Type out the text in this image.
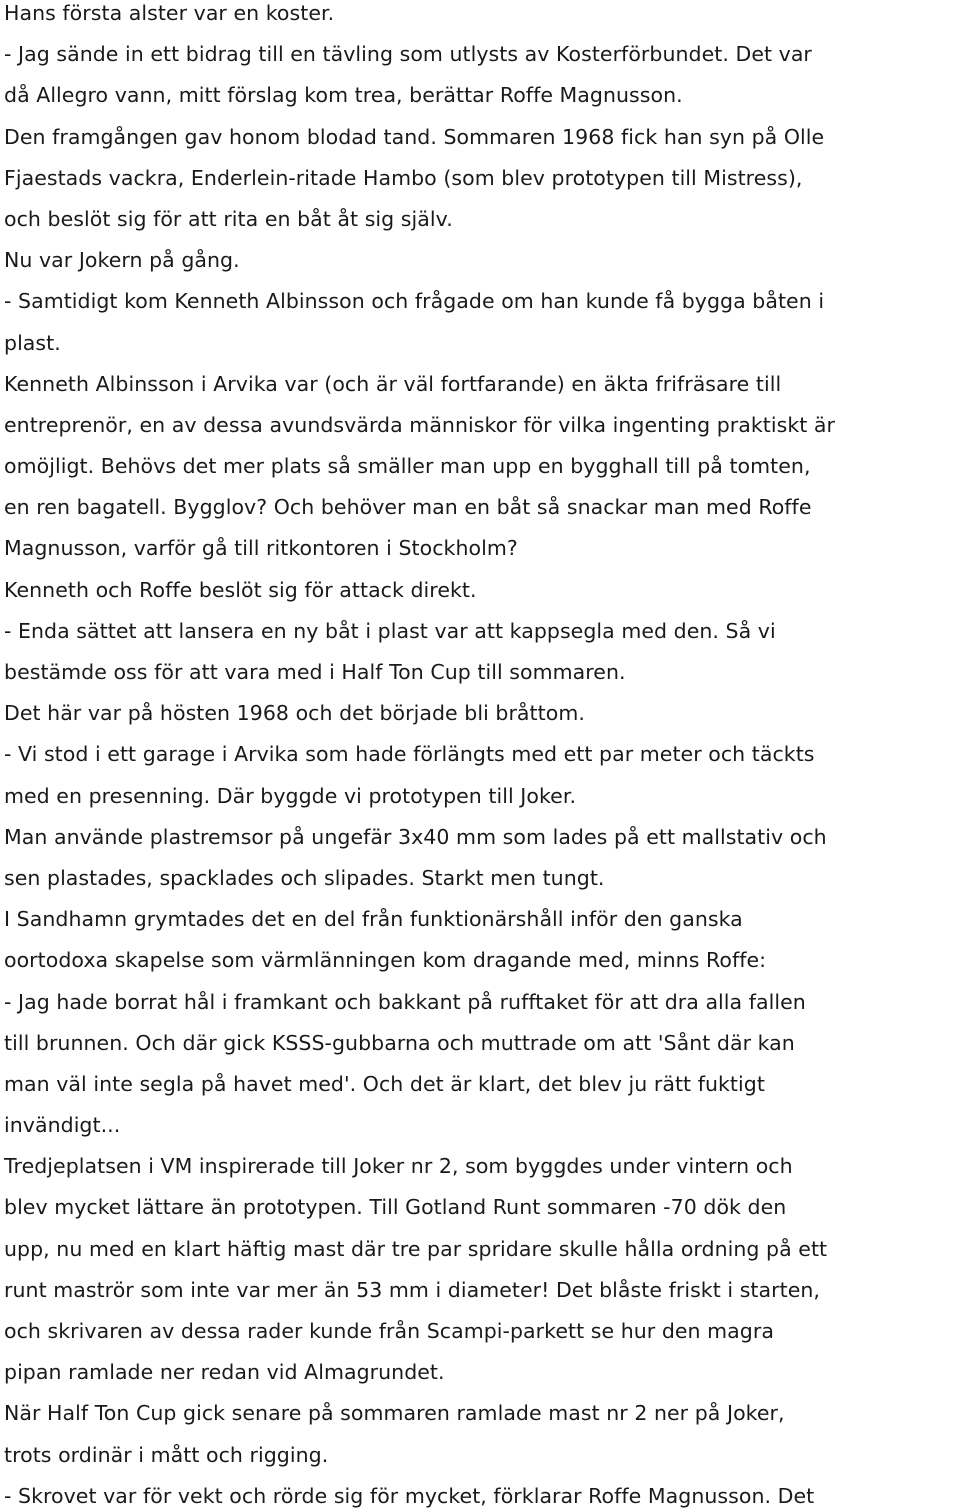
Hans första alster var en koster.
- Jag sände in ett bidrag till en tävling som utlysts av Kosterförbundet. Det var
då Allegro vann, mitt förslag kom trea, berättar Roffe Magnusson.
Den framgången gav honom blodad tand. Sommaren 1968 fick han syn på Olle
Fjaestads vackra, Enderlein-ritade Hambo (som blev prototypen till Mistress),
och beslöt sig för att rita en båt åt sig själv.
Nu var Jokern på gång.
- Samtidigt kom Kenneth Albinsson och frågade om han kunde få bygga båten i
plast.
Kenneth Albinsson i Arvika var (och är väl fortfarande) en äkta frifräsare till
entreprenör, en av dessa avundsvärda människor för vilka ingenting praktiskt är
omöjligt. Behövs det mer plats så smäller man upp en bygghall till på tomten,
en ren bagatell. Bygglov? Och behöver man en båt så snackar man med Roffe
Magnusson, varför gå till ritkontoren i Stockholm?
Kenneth och Roffe beslöt sig för attack direkt.
- Enda sättet att lansera en ny båt i plast var att kappsegla med den. Så vi
bestämde oss för att vara med i Half Ton Cup till sommaren.
Det här var på hösten 1968 och det började bli bråttom.
- Vi stod i ett garage i Arvika som hade förlängts med ett par meter och täckts
med en presenning. Där byggde vi prototypen till Joker.
Man använde plastremsor på ungefär 3x40 mm som lades på ett mallstativ och
sen plastades, spacklades och slipades. Starkt men tungt.
I Sandhamn grymtades det en del från funktionärshåll inför den ganska
oortodoxa skapelse som värmlänningen kom dragande med, minns Roffe:
- Jag hade borrat hål i framkant och bakkant på rufftaket för att dra alla fallen
till brunnen. Och där gick KSSS-gubbarna och muttrade om att 'Sånt där kan
man väl inte segla på havet med'. Och det är klart, det blev ju rätt fuktigt
invändigt...
Tredjeplatsen i VM inspirerade till Joker nr 2, som byggdes under vintern och
blev mycket lättare än prototypen. Till Gotland Runt sommaren -70 dök den
upp, nu med en klart häftig mast där tre par spridare skulle hålla ordning på ett
runt maströr som inte var mer än 53 mm i diameter! Det blåste friskt i starten,
och skrivaren av dessa rader kunde från Scampi-parkett se hur den magra
pipan ramlade ner redan vid Almagrundet.
När Half Ton Cup gick senare på sommaren ramlade mast nr 2 ner på Joker,
trots ordinär i mått och rigging.
- Skrovet var för vekt och rörde sig för mycket, förklarar Roffe Magnusson. Det
